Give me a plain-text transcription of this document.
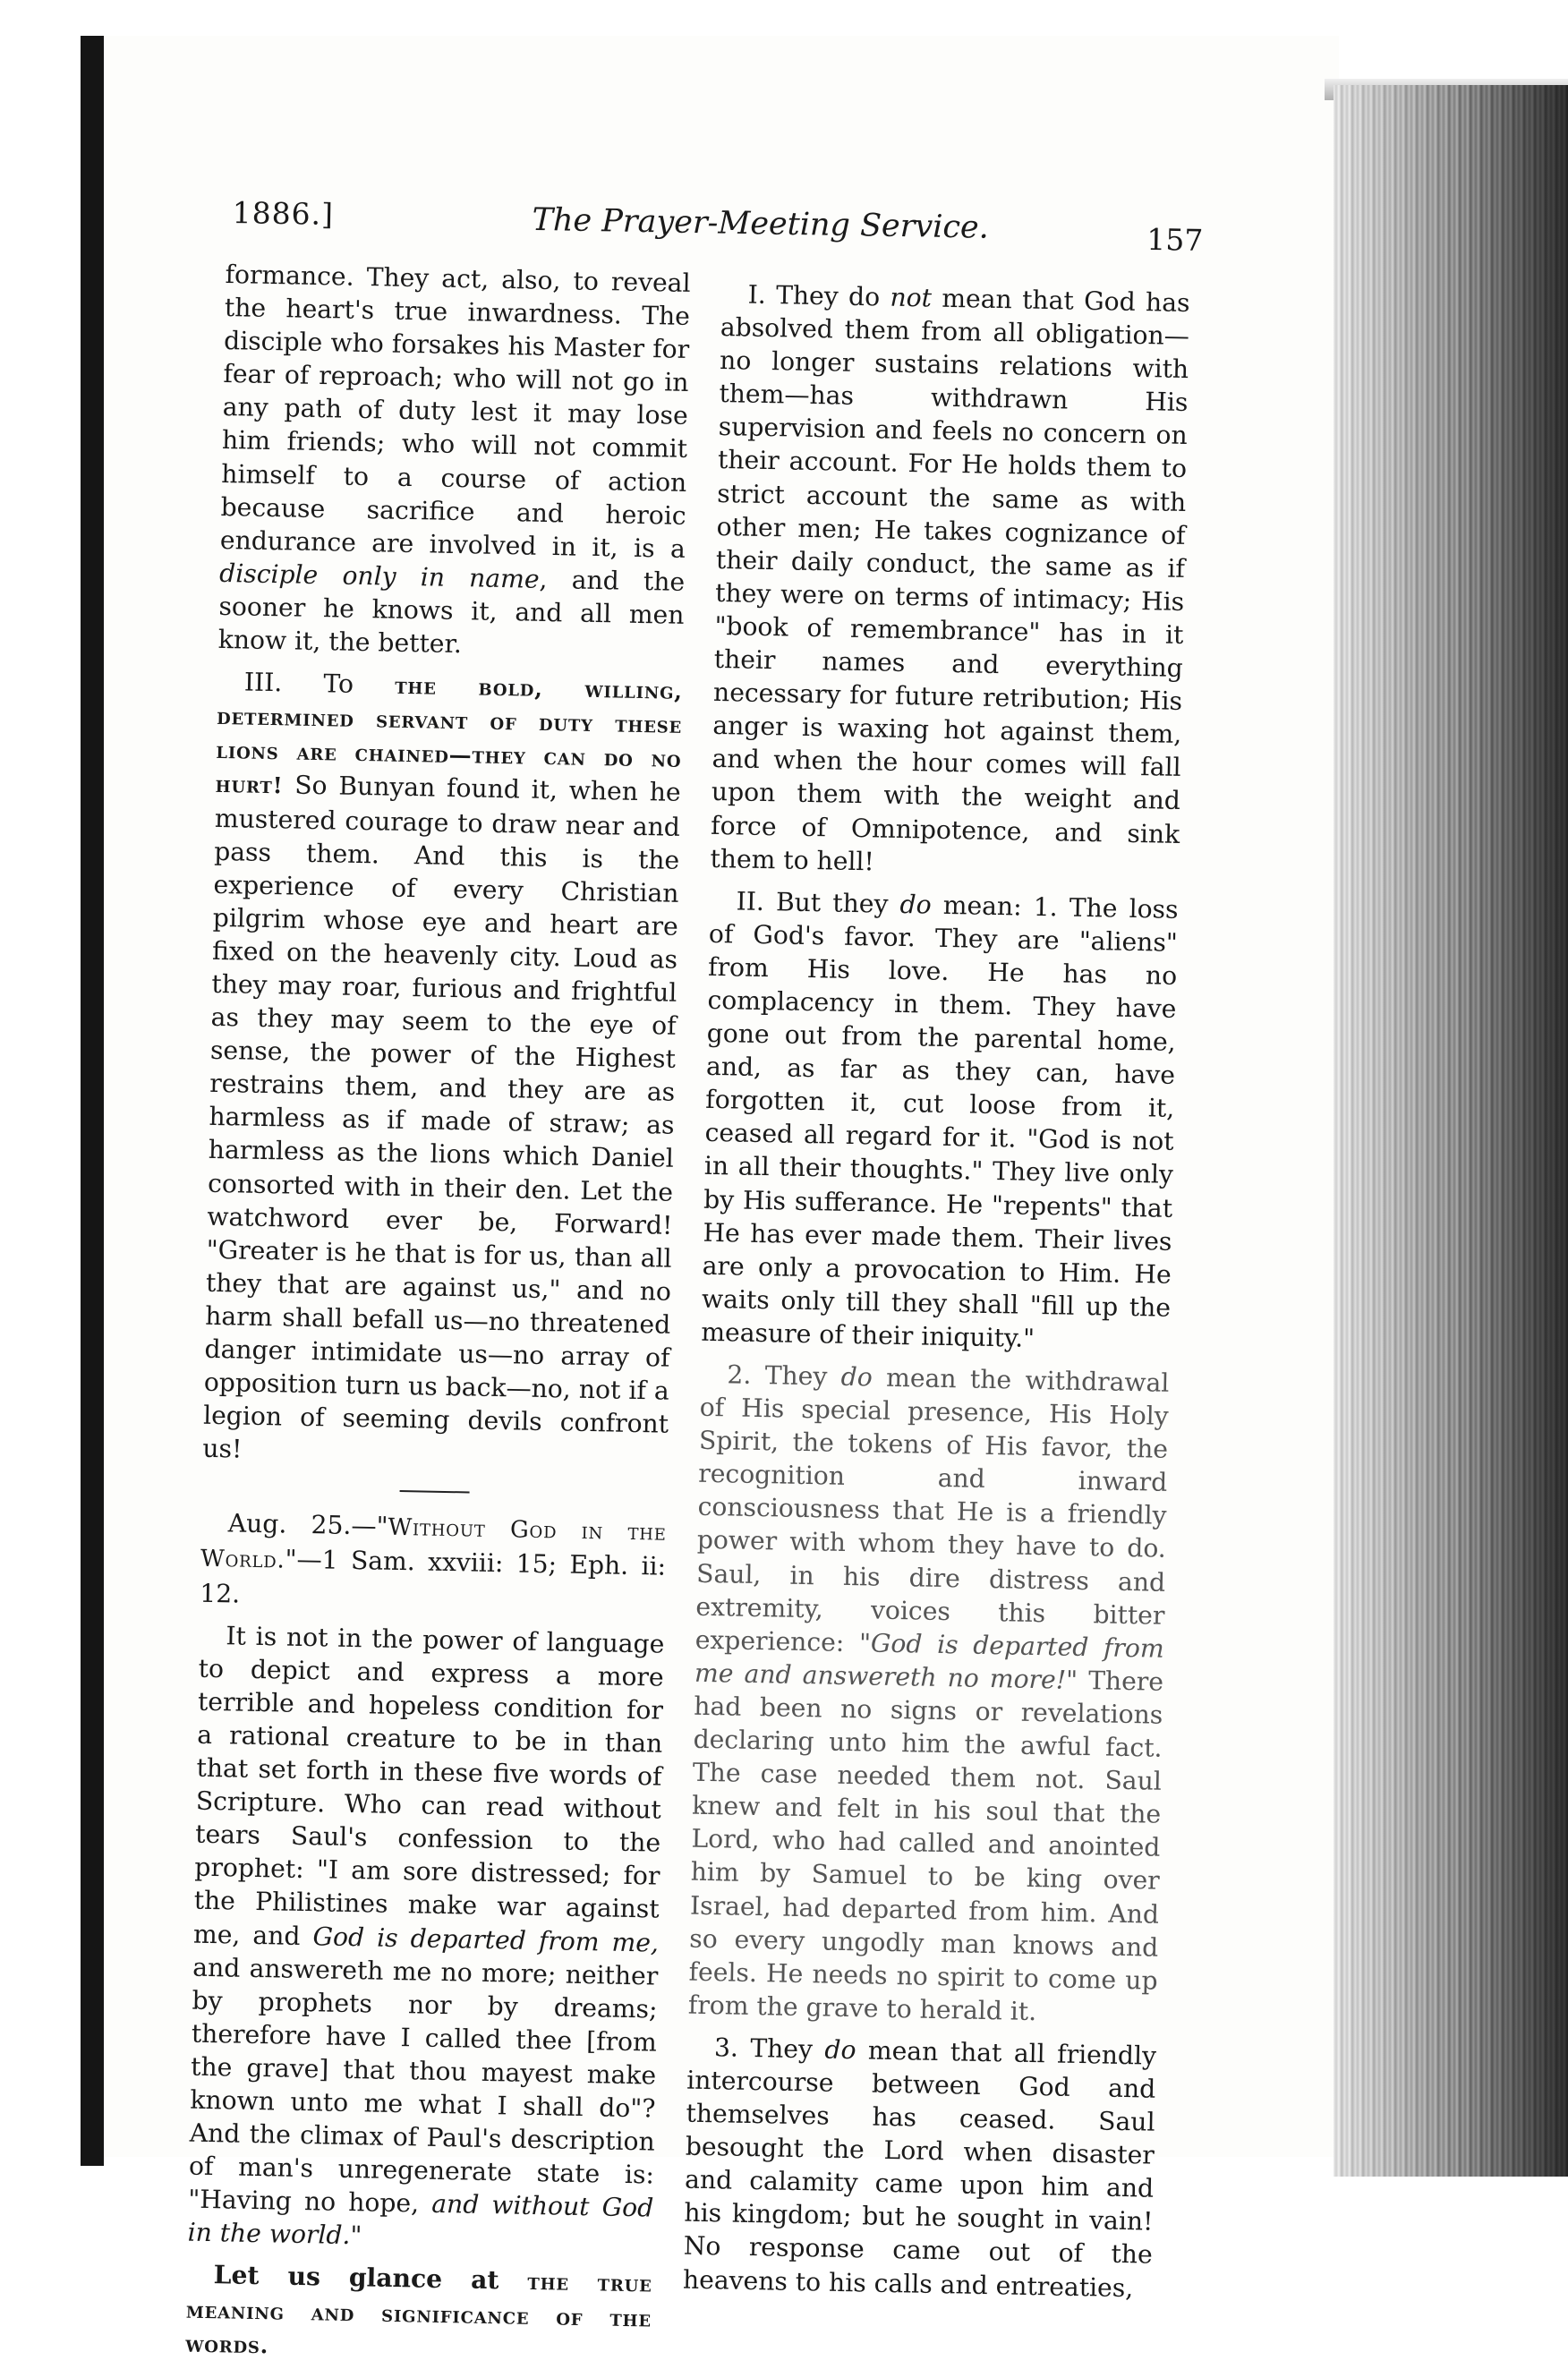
1886.]	The Prayer-Meeting Service.	157

formance. They act, also, to reveal the heart's true inwardness. The disciple who forsakes his Master for fear of reproach; who will not go in any path of duty lest it may lose him friends; who will not commit himself to a course of action because sacrifice and heroic endurance are involved in it, is a disciple only in name, and the sooner he knows it, and all men know it, the better.

III. To the bold, willing, determined servant of duty these lions are chained—they can do no hurt! So Bunyan found it, when he mustered courage to draw near and pass them. And this is the experience of every Christian pilgrim whose eye and heart are fixed on the heavenly city. Loud as they may roar, furious and frightful as they may seem to the eye of sense, the power of the Highest restrains them, and they are as harmless as if made of straw; as harmless as the lions which Daniel consorted with in their den. Let the watchword ever be, Forward! "Greater is he that is for us, than all they that are against us," and no harm shall befall us—no threatened danger intimidate us—no array of opposition turn us back—no, not if a legion of seeming devils confront us!

Aug. 25.—"Without God in the World."—1 Sam. xxviii: 15; Eph. ii: 12.

It is not in the power of language to depict and express a more terrible and hopeless condition for a rational creature to be in than that set forth in these five words of Scripture. Who can read without tears Saul's confession to the prophet: "I am sore distressed; for the Philistines make war against me, and God is departed from me, and answereth me no more; neither by prophets nor by dreams; therefore have I called thee [from the grave] that thou mayest make known unto me what I shall do"? And the climax of Paul's description of man's unregenerate state is: "Having no hope, and without God in the world."

Let us glance at the true meaning and significance of the words.

I. They do not mean that God has absolved them from all obligation—no longer sustains relations with them—has withdrawn His supervision and feels no concern on their account. For He holds them to strict account the same as with other men; He takes cognizance of their daily conduct, the same as if they were on terms of intimacy; His "book of remembrance" has in it their names and everything necessary for future retribution; His anger is waxing hot against them, and when the hour comes will fall upon them with the weight and force of Omnipotence, and sink them to hell!

II. But they do mean: 1. The loss of God's favor. They are "aliens" from His love. He has no complacency in them. They have gone out from the parental home, and, as far as they can, have forgotten it, cut loose from it, ceased all regard for it. "God is not in all their thoughts." They live only by His sufferance. He "repents" that He has ever made them. Their lives are only a provocation to Him. He waits only till they shall "fill up the measure of their iniquity."

2. They do mean the withdrawal of His special presence, His Holy Spirit, the tokens of His favor, the recognition and inward consciousness that He is a friendly power with whom they have to do. Saul, in his dire distress and extremity, voices this bitter experience: "God is departed from me and answereth no more!" There had been no signs or revelations declaring unto him the awful fact. The case needed them not. Saul knew and felt in his soul that the Lord, who had called and anointed him by Samuel to be king over Israel, had departed from him. And so every ungodly man knows and feels. He needs no spirit to come up from the grave to herald it.

3. They do mean that all friendly intercourse between God and themselves has ceased. Saul besought the Lord when disaster and calamity came upon him and his kingdom; but he sought in vain! No response came out of the heavens to his calls and entreaties,
